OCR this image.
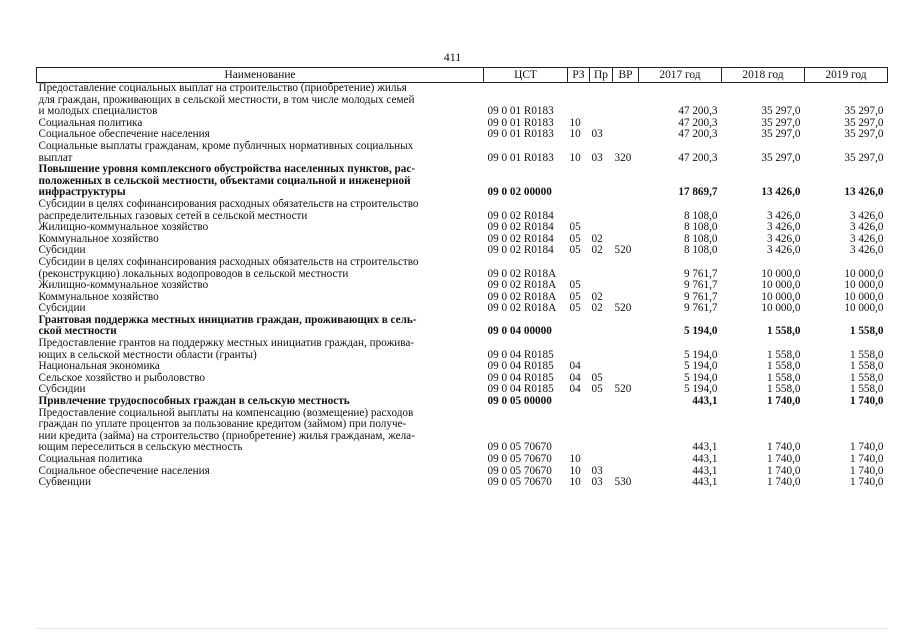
411
Наименование	ЦСТ	РЗ	Пр	ВР	2017 год	2018 год	2019 год

Предоставление социальных выплат на строительство (приобретение) жилья
для граждан, проживающих в сельской местности, в том числе молодых семей
и молодых специалистов	09 0 01 R0183				47 200,3	35 297,0	35 297,0

Социальная политика	09 0 01 R0183	10			47 200,3	35 297,0	35 297,0

Социальное обеспечение населения	09 0 01 R0183	10	03		47 200,3	35 297,0	35 297,0

Социальные выплаты гражданам, кроме публичных нормативных социальных
выплат	09 0 01 R0183	10	03	320	47 200,3	35 297,0	35 297,0

Повышение уровня комплексного обустройства населенных пунктов, рас-
положенных в сельской местности, объектами социальной и инженерной
инфраструктуры	09 0 02 00000				17 869,7	13 426,0	13 426,0

Субсидии в целях софинансирования расходных обязательств на строительство
распределительных газовых сетей в сельской местности	09 0 02 R0184				8 108,0	3 426,0	3 426,0

Жилищно-коммунальное хозяйство	09 0 02 R0184	05			8 108,0	3 426,0	3 426,0

Коммунальное хозяйство	09 0 02 R0184	05	02		8 108,0	3 426,0	3 426,0

Субсидии	09 0 02 R0184	05	02	520	8 108,0	3 426,0	3 426,0

Субсидии в целях софинансирования расходных обязательств на строительство
(реконструкцию) локальных водопроводов в сельской местности	09 0 02 R018A				9 761,7	10 000,0	10 000,0

Жилищно-коммунальное хозяйство	09 0 02 R018A	05			9 761,7	10 000,0	10 000,0

Коммунальное хозяйство	09 0 02 R018A	05	02		9 761,7	10 000,0	10 000,0

Субсидии	09 0 02 R018A	05	02	520	9 761,7	10 000,0	10 000,0

Грантовая поддержка местных инициатив граждан, проживающих в сель-
ской местности	09 0 04 00000				5 194,0	1 558,0	1 558,0

Предоставление грантов на поддержку местных инициатив граждан, прожива-
ющих в сельской местности области (гранты)	09 0 04 R0185				5 194,0	1 558,0	1 558,0

Национальная экономика	09 0 04 R0185	04			5 194,0	1 558,0	1 558,0

Сельское хозяйство и рыболовство	09 0 04 R0185	04	05		5 194,0	1 558,0	1 558,0

Субсидии	09 0 04 R0185	04	05	520	5 194,0	1 558,0	1 558,0

Привлечение трудоспособных граждан в сельскую местность	09 0 05 00000				443,1	1 740,0	1 740,0

Предоставление социальной выплаты на компенсацию (возмещение) расходов
граждан по уплате процентов за пользование кредитом (займом) при получе-
нии кредита (займа) на строительство (приобретение) жилья гражданам, жела-
ющим переселиться в сельскую местность	09 0 05 70670				443,1	1 740,0	1 740,0

Социальная политика	09 0 05 70670	10			443,1	1 740,0	1 740,0

Социальное обеспечение населения	09 0 05 70670	10	03		443,1	1 740,0	1 740,0

Субвенции	09 0 05 70670	10	03	530	443,1	1 740,0	1 740,0
